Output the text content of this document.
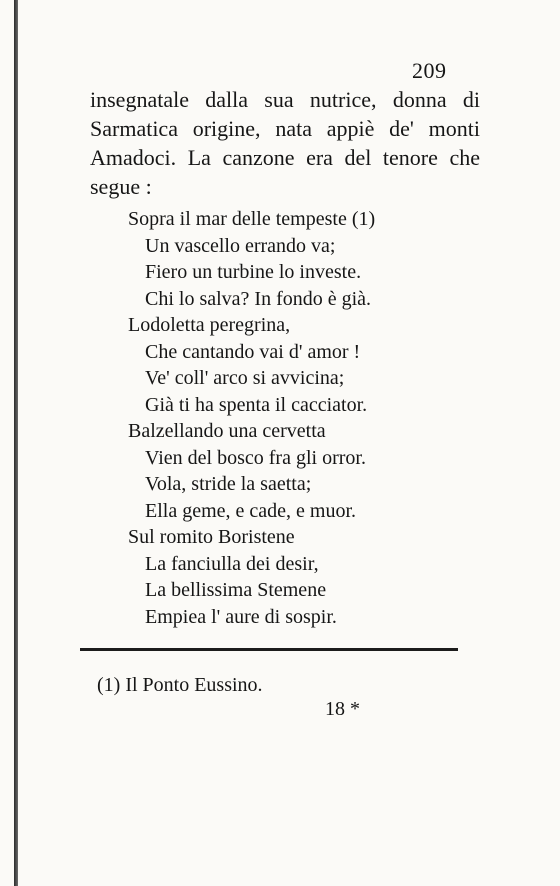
209

insegnatale dalla sua nutrice, donna di
Sarmatica origine, nata appiè de' monti
Amadoci. La canzone era del tenore che
segue :

Sopra il mar delle tempeste (1)
Un vascello errando va;
Fiero un turbine lo investe.
Chi lo salva? In fondo è già.
Lodoletta peregrina,
Che cantando vai d' amor !
Ve' coll' arco si avvicina;
Già ti ha spenta il cacciator.
Balzellando una cervetta
Vien del bosco fra gli orror.
Vola, stride la saetta;
Ella geme, e cade, e muor.
Sul romito Boristene
La fanciulla dei desir,
La bellissima Stemene
Empiea l' aure di sospir.
(1) Il Ponto Eussino.
18 *
